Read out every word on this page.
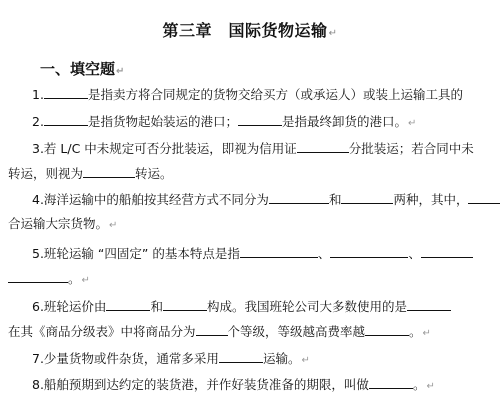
第三章　国际货物运输↵
一、填空题↵
1.	是指卖方将合同规定的货物交给买方（或承运人）或装上运输工具的
2.	是指货物起始装运的港口；	是指最终卸货的港口。↵
3.若 L/C 中未规定可否分批装运，即视为信用证	分批装运；若合同中未
转运，则视为	转运。
4.海洋运输中的船舶按其经营方式不同分为	和	两种，其中，
合运输大宗货物。↵
5.班轮运输 “四固定” 的基本特点是指	、	、
。↵
6.班轮运价由	和	构成。我国班轮公司大多数使用的是
在其《商品分级表》中将商品分为	个等级，等级越高费率越	。↵
7.少量货物或件杂货，通常多采用	运输。↵
8.船舶预期到达约定的装货港，并作好装货准备的期限，叫做	。↵
